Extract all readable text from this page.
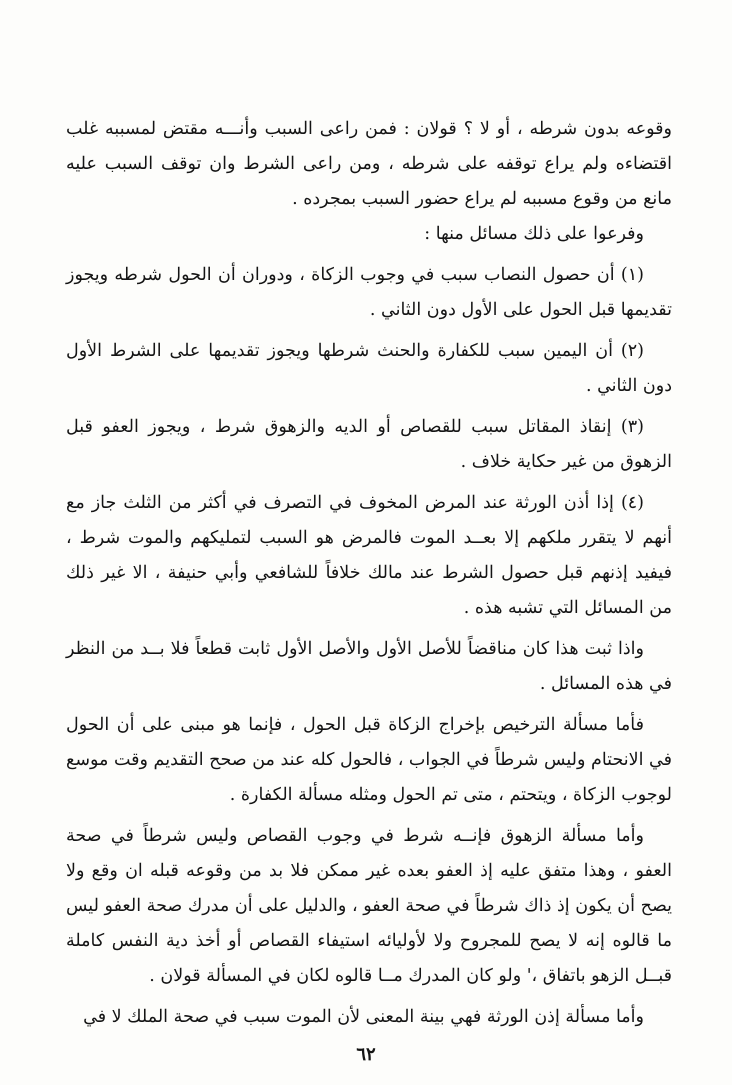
وقوعه بدون شرطه ، أو لا ؟ قولان : فمن راعى السبب وأنـــه مقتض لمسببه غلب اقتضاءه ولم يراع توقفه على شرطه ، ومن راعى الشرط وان توقف السبب عليه مانع من وقوع مسببه لم يراع حضور السبب بمجرده .

وفرعوا على ذلك مسائل منها :

(١) أن حصول النصاب سبب في وجوب الزكاة ، ودوران أن الحول شرطه ويجوز تقديمها قبل الحول على الأول دون الثاني .

(٢) أن اليمين سبب للكفارة والحنث شرطها ويجوز تقديمها على الشرط الأول دون الثاني .

(٣) إنقاذ المقاتل سبب للقصاص أو الديه والزهوق شرط ، ويجوز العفو قبل الزهوق من غير حكاية خلاف .

(٤) إذا أذن الورثة عند المرض المخوف في التصرف في أكثر من الثلث جاز مع أنهم لا يتقرر ملكهم إلا بعــد الموت فالمرض هو السبب لتمليكهم والموت شرط ، فيفيد إذنهم قبل حصول الشرط عند مالك خلافاً للشافعي وأبي حنيفة ، الا غير ذلك من المسائل التي تشبه هذه .

واذا ثبت هذا كان مناقضاً للأصل الأول والأصل الأول ثابت قطعاً فلا بــد من النظر في هذه المسائل .

فأما مسألة الترخيص بإخراج الزكاة قبل الحول ، فإنما هو مبنى على أن الحول في الانحتام وليس شرطاً في الجواب ، فالحول كله عند من صحح التقديم وقت موسع لوجوب الزكاة ، ويتحتم ، متى تم الحول ومثله مسألة الكفارة .

وأما مسألة الزهوق فإنــه شرط في وجوب القصاص وليس شرطاً في صحة العفو ، وهذا متفق عليه إذ العفو بعده غير ممكن فلا بد من وقوعه قبله ان وقع ولا يصح أن يكون إذ ذاك شرطاً في صحة العفو ، والدليل على أن مدرك صحة العفو ليس ما قالوه إنه لا يصح للمجروح ولا لأوليائه استيفاء القصاص أو أخذ دية النفس كاملة قبــل الزهو باتفاق ،' ولو كان المدرك مــا قالوه لكان في المسألة قولان .

وأما مسألة إذن الورثة فهي بينة المعنى لأن الموت سبب في صحة الملك لا في

٦٢
